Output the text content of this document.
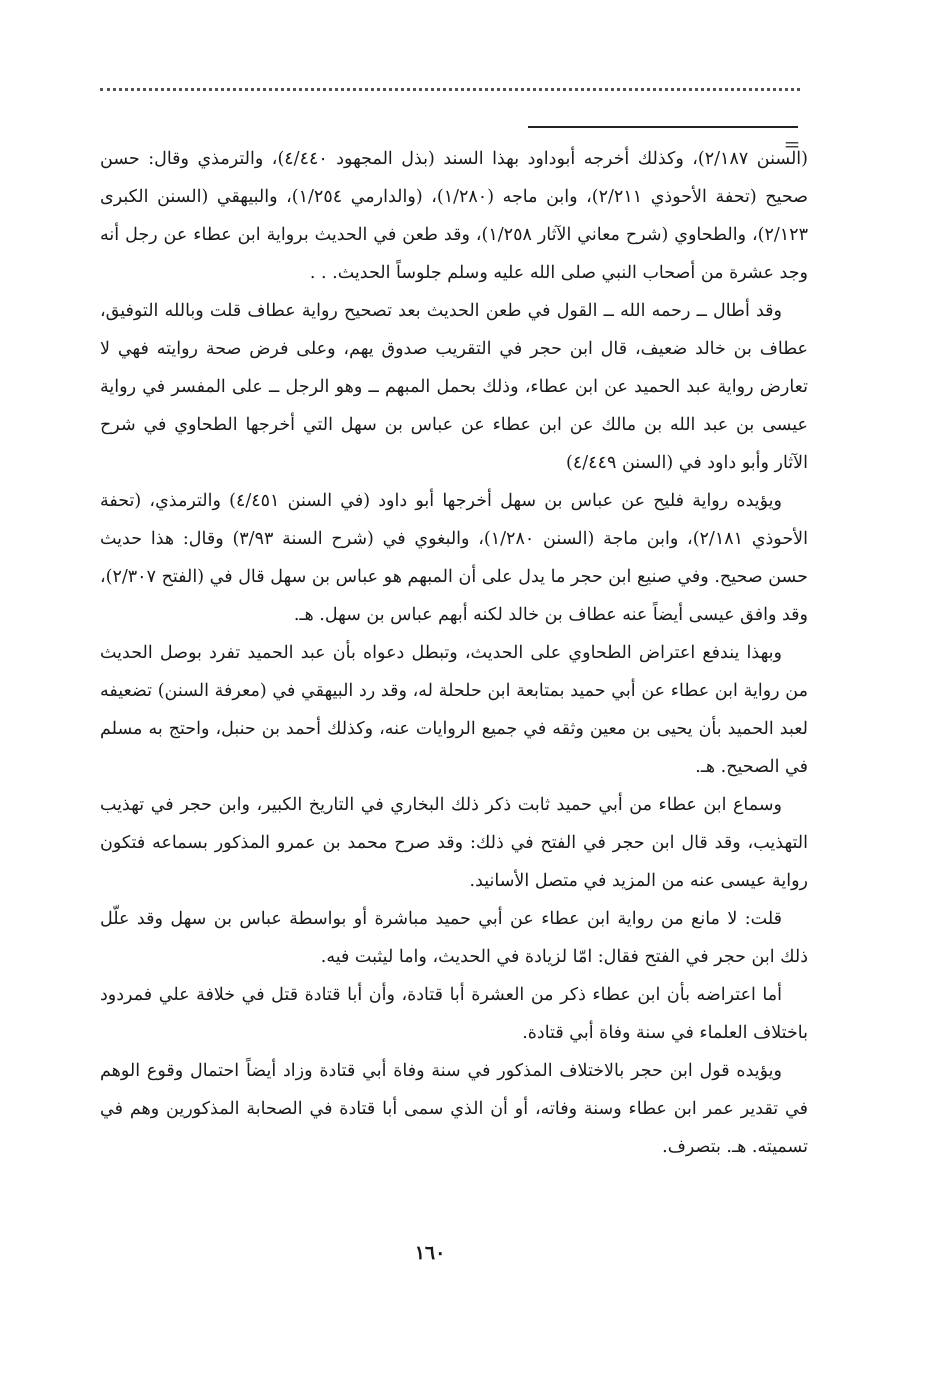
=

(السنن ٢/١٨٧)، وكذلك أخرجه أبوداود بهذا السند (بذل المجهود ٤/٤٤٠)، والترمذي وقال: حسن صحيح (تحفة الأحوذي ٢/٢١١)، وابن ماجه (١/٢٨٠)، (والدارمي ١/٢٥٤)، والبيهقي (السنن الكبرى ٢/١٢٣)، والطحاوي (شرح معاني الآثار ١/٢٥٨)، وقد طعن في الحديث برواية ابن عطاء عن رجل أنه وجد عشرة من أصحاب النبي صلى الله عليه وسلم جلوساً الحديث. . .

وقد أطال ــ رحمه الله ــ القول في طعن الحديث بعد تصحيح رواية عطاف قلت وبالله التوفيق، عطاف بن خالد ضعيف، قال ابن حجر في التقريب صدوق يهم، وعلى فرض صحة روايته فهي لا تعارض رواية عبد الحميد عن ابن عطاء، وذلك بحمل المبهم ــ وهو الرجل ــ على المفسر في رواية عيسى بن عبد الله بن مالك عن ابن عطاء عن عباس بن سهل التي أخرجها الطحاوي في شرح الآثار وأبو داود في (السنن ٤/٤٤٩)

ويؤيده رواية فليح عن عباس بن سهل أخرجها أبو داود (في السنن ٤/٤٥١) والترمذي، (تحفة الأحوذي ٢/١٨١)، وابن ماجة (السنن ١/٢٨٠)، والبغوي في (شرح السنة ٣/٩٣) وقال: هذا حديث حسن صحيح. وفي صنيع ابن حجر ما يدل على أن المبهم هو عباس بن سهل قال في (الفتح ٢/٣٠٧)، وقد وافق عيسى أيضاً عنه عطاف بن خالد لكنه أبهم عباس بن سهل. هـ.

وبهذا يندفع اعتراض الطحاوي على الحديث، وتبطل دعواه بأن عبد الحميد تفرد بوصل الحديث من رواية ابن عطاء عن أبي حميد بمتابعة ابن حلحلة له، وقد رد البيهقي في (معرفة السنن) تضعيفه لعبد الحميد بأن يحيى بن معين وثقه في جميع الروايات عنه، وكذلك أحمد بن حنبل، واحتج به مسلم في الصحيح. هـ.

وسماع ابن عطاء من أبي حميد ثابت ذكر ذلك البخاري في التاريخ الكبير، وابن حجر في تهذيب التهذيب، وقد قال ابن حجر في الفتح في ذلك: وقد صرح محمد بن عمرو المذكور بسماعه فتكون رواية عيسى عنه من المزيد في متصل الأسانيد.

قلت: لا مانع من رواية ابن عطاء عن أبي حميد مباشرة أو بواسطة عباس بن سهل وقد علّل ذلك ابن حجر في الفتح فقال: امّا لزيادة في الحديث، واما ليثبت فيه.

أما اعتراضه بأن ابن عطاء ذكر من العشرة أبا قتادة، وأن أبا قتادة قتل في خلافة علي فمردود باختلاف العلماء في سنة وفاة أبي قتادة.

ويؤيده قول ابن حجر بالاختلاف المذكور في سنة وفاة أبي قتادة وزاد أيضاً احتمال وقوع الوهم في تقدير عمر ابن عطاء وسنة وفاته، أو أن الذي سمى أبا قتادة في الصحابة المذكورين وهم في تسميته. هـ. بتصرف.

١٦٠
